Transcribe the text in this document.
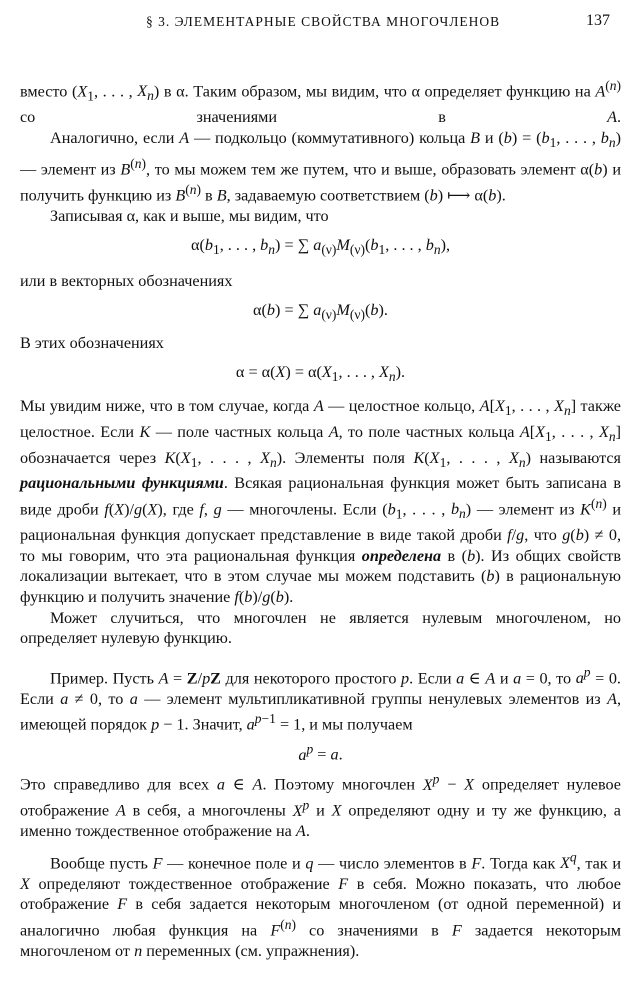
§ 3. ЭЛЕМЕНТАРНЫЕ СВОЙСТВА МНОГОЧЛЕНОВ	137

вместо ($X_1$, . . . , $X_n$) в α. Таким образом, мы видим, что α определяет функцию на $A^{(n)}$ со значениями в A.

Аналогично, если A — подкольцо (коммутативного) кольца B и $(b) = (b_1$, . . . , $b_n$) — элемент из $B^{(n)}$, то мы можем тем же путем, что и выше, образовать элемент α(b) и получить функцию из $B^{(n)}$ в B, задаваемую соответствием (b) ⟼ α(b).

Записывая α, как и выше, мы видим, что

$\alpha(b_1$, . . . , $b_n$) = ∑ $a_{(\nu)}M_{(\nu)}(b_1$, . . . , $b_n$),

или в векторных обозначениях

α(b) = ∑ $a_{(\nu)}M_{(\nu)}(b)$.

В этих обозначениях

$\alpha = \alpha(X) = \alpha(X_1$, . . . , $X_n$).

Мы увидим ниже, что в том случае, когда A — целостное кольцо, $A[X_1$, . . . , $X_n$] также целостное. Если K — поле частных кольца A, то поле частных кольца $A[X_1$, . . . , $X_n$] обозначается через $K(X_1$, . . . , $X_n$). Элементы поля $K(X_1$, . . . , $X_n$) называются рациональными функциями. Всякая рациональная функция может быть записана в виде дроби f(X)/g(X), где f, g — многочлены. Если ($b_1$, . . . , $b_n$) — элемент из $K^{(n)}$ и рациональная функция допускает представление в виде такой дроби f/g, что g(b) ≠ 0, то мы говорим, что эта рациональная функция определена в (b). Из общих свойств локализации вытекает, что в этом случае мы можем подставить (b) в рациональную функцию и получить значение f(b)/g(b).

Может случиться, что многочлен не является нулевым многочленом, но определяет нулевую функцию.

Пример. Пусть A = Z/pZ для некоторого простого p. Если a ∈ A и a = 0, то $a^p = 0$. Если a ≠ 0, то a — элемент мультипликативной группы ненулевых элементов из A, имеющей порядок p − 1. Значит, $a^{p-1} = 1$, и мы получаем

$a^p = a$.

Это справедливо для всех a ∈ A. Поэтому многочлен $X^p - X$ определяет нулевое отображение A в себя, а многочлены $X^p$ и X определяют одну и ту же функцию, а именно тождественное отображение на A.

Вообще пусть F — конечное поле и q — число элементов в F. Тогда как $X^q$, так и X определяют тождественное отображение F в себя. Можно показать, что любое отображение F в себя задается некоторым многочленом (от одной переменной) и аналогично любая функция на $F^{(n)}$ со значениями в F задается некоторым многочленом от n переменных (см. упражнения).
